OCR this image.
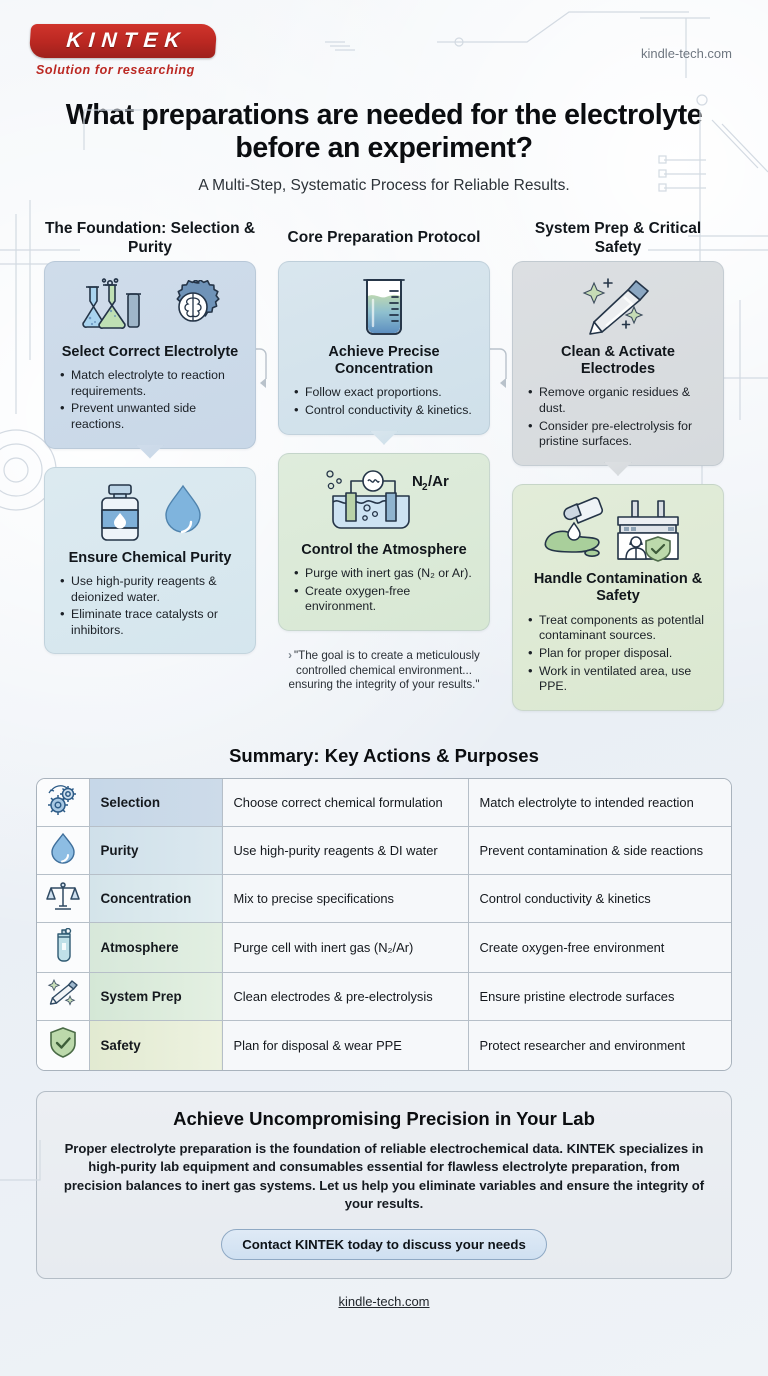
KINTEK
Solution for researching
kindle-tech.com
What preparations are needed for the electrolyte before an experiment?
A Multi-Step, Systematic Process for Reliable Results.
The Foundation: Selection & Purity
Select Correct Electrolyte
• Match electrolyte to reaction requirements.
• Prevent unwanted side reactions.
Ensure Chemical Purity
• Use high-purity reagents & deionized water.
• Eliminate trace catalysts or inhibitors.
Core Preparation Protocol
Achieve Precise Concentration
• Follow exact proportions.
• Control conductivity & kinetics.
N 2 /Ar
Control the Atmosphere
• Purge with inert gas (N₂ or Ar).
• Create oxygen-free environment.
› "The goal is to create a meticulously controlled chemical environment... ensuring the integrity of your results."
System Prep & Critical Safety
Clean & Activate Electrodes
• Remove organic residues & dust.
• Consider pre-electrolysis for pristine surfaces.
Handle Contamination & Safety
• Treat components as potentlal contaminant sources.
• Plan for proper disposal.
• Work in ventilated area, use PPE.
Summary: Key Actions & Purposes
	Selection	Choose correct chemical formulation	Match electrolyte to intended reaction
	Purity	Use high-purity reagents & DI water	Prevent contamination & side reactions
	Concentration	Mix to precise specifications	Control conductivity & kinetics
	Atmosphere	Purge cell with inert gas (N₂/Ar)	Create oxygen-free environment
	System Prep	Clean electrodes & pre-electrolysis	Ensure pristine electrode surfaces
	Safety	Plan for disposal & wear PPE	Protect researcher and environment
Achieve Uncompromising Precision in Your Lab
Proper electrolyte preparation is the foundation of reliable electrochemical data. KINTEK specializes in high-purity lab equipment and consumables essential for flawless electrolyte preparation, from precision balances to inert gas systems. Let us help you eliminate variables and ensure the integrity of your results.
Contact KINTEK today to discuss your needs
kindle-tech.com
